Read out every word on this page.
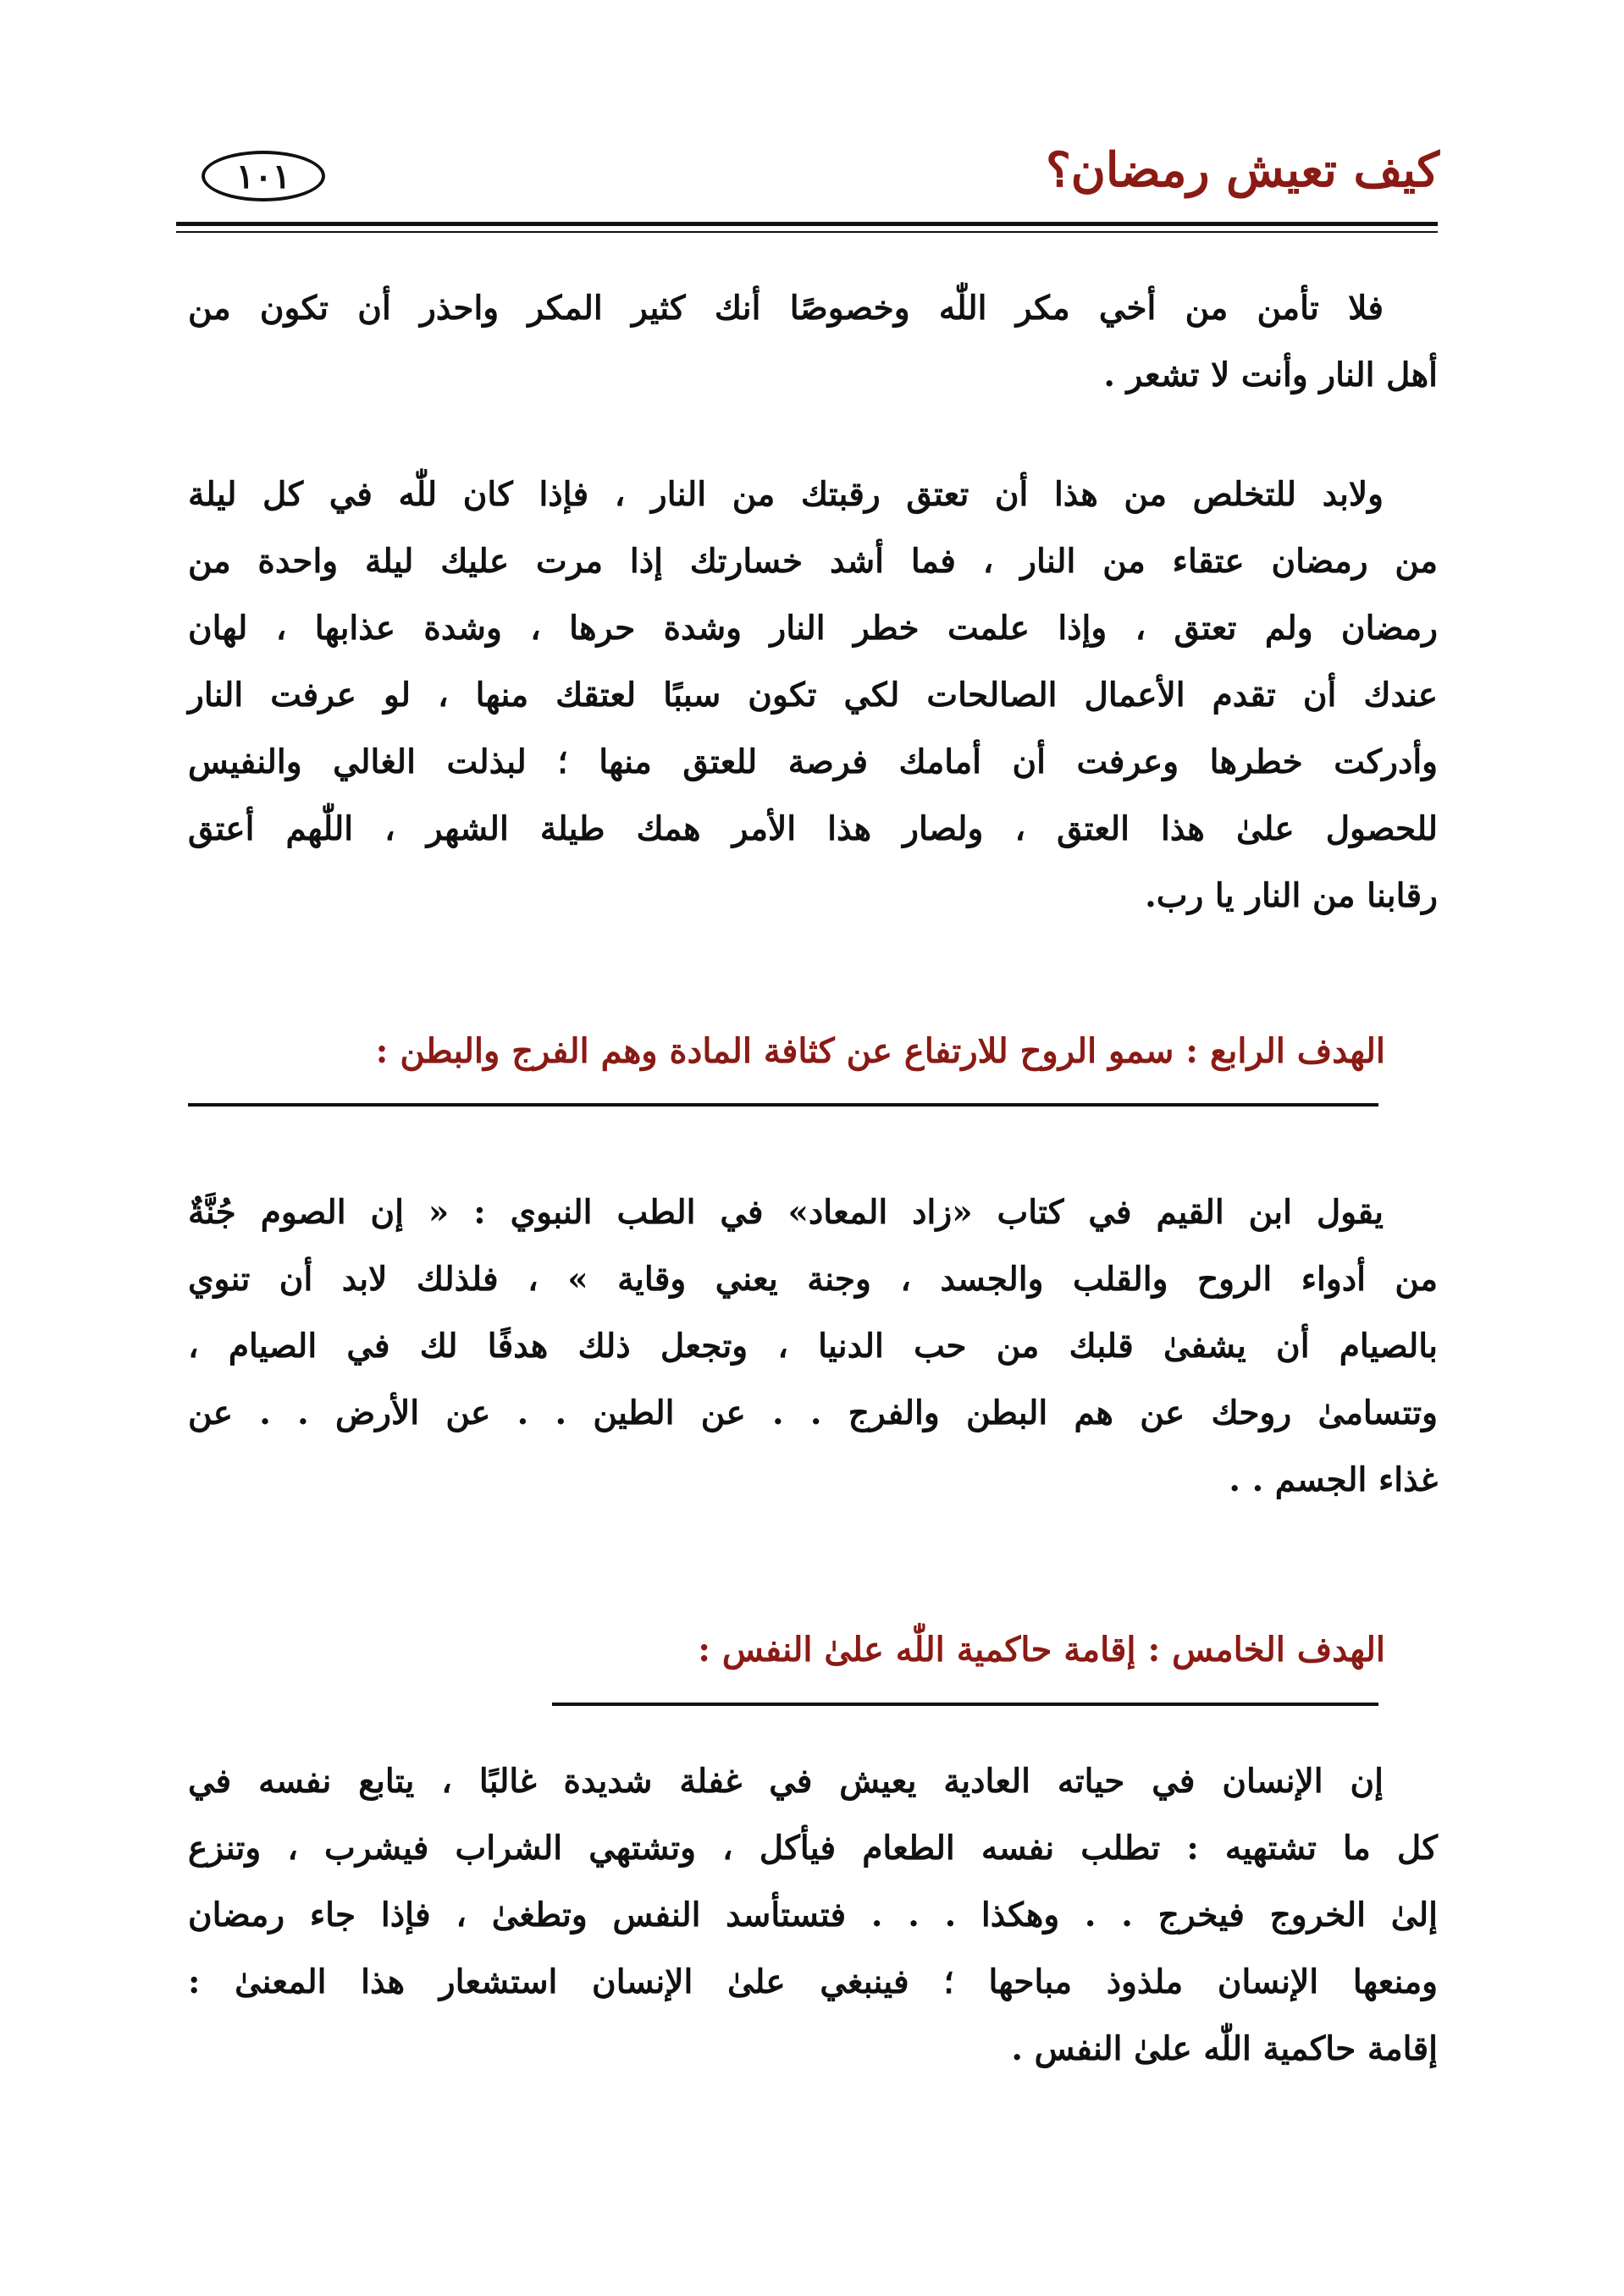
كيف تعيش رمضان؟
١٠١
فلا تأمن من أخي مكر اللّٰه وخصوصًا أنك كثير المكر واحذر أن تكون من
أهل النار وأنت لا تشعر .
ولابد للتخلص من هذا أن تعتق رقبتك من النار ، فإذا كان للّٰه في كل ليلة
من رمضان عتقاء من النار ، فما أشد خسارتك إذا مرت عليك ليلة واحدة من
رمضان ولم تعتق ، وإذا علمت خطر النار وشدة حرها ، وشدة عذابها ، لهان
عندك أن تقدم الأعمال الصالحات لكي تكون سببًا لعتقك منها ، لو عرفت النار
وأدركت خطرها وعرفت أن أمامك فرصة للعتق منها ؛ لبذلت الغالي والنفيس
للحصول علىٰ هذا العتق ، ولصار هذا الأمر همك طيلة الشهر ، اللّٰهم أعتق
رقابنا من النار يا رب.
الهدف الرابع : سمو الروح للارتفاع عن كثافة المادة وهم الفرج والبطن :
يقول ابن القيم في كتاب «زاد المعاد» في الطب النبوي : « إن الصوم جُنَّةٌ
من أدواء الروح والقلب والجسد ، وجنة يعني وقاية » ، فلذلك لابد أن تنوي
بالصيام أن يشفىٰ قلبك من حب الدنيا ، وتجعل ذلك هدفًا لك في الصيام ،
وتتسامىٰ روحك عن هم البطن والفرج . . عن الطين . . عن الأرض . . عن
غذاء الجسم . .
الهدف الخامس : إقامة حاكمية اللّٰه علىٰ النفس :
إن الإنسان في حياته العادية يعيش في غفلة شديدة غالبًا ، يتابع نفسه في
كل ما تشتهيه : تطلب نفسه الطعام فيأكل ، وتشتهي الشراب فيشرب ، وتنزع
إلىٰ الخروج فيخرج . . وهكذا . . . فتستأسد النفس وتطغىٰ ، فإذا جاء رمضان
ومنعها الإنسان ملذوذ مباحها ؛ فينبغي علىٰ الإنسان استشعار هذا المعنىٰ :
إقامة حاكمية اللّٰه علىٰ النفس .
